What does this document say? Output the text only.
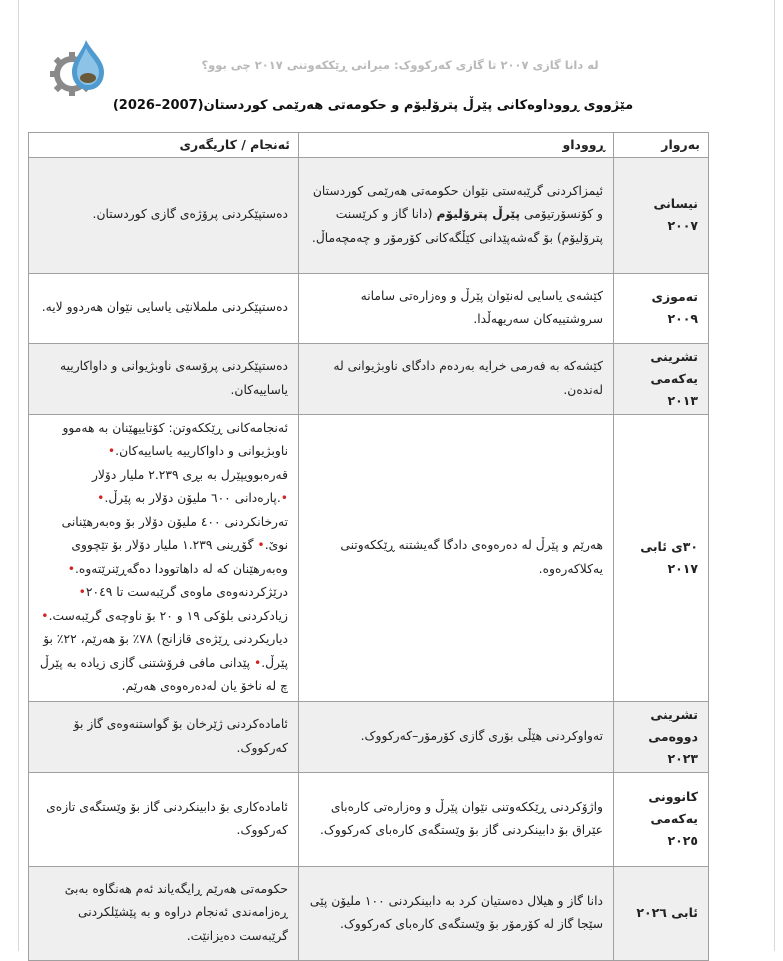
لە دانا گازی ٢٠٠٧ تا گازی کەرکووک: میراتی ڕێککەوتنی ٢٠١٧ چی بوو؟
مێژووی ڕووداوەکانی پێرڵ پترۆلیۆم و حکومەتی هەرێمی کوردستان(2007–2026)
بەروار	ڕووداو	ئەنجام / کاریگەری
نیسانی ٢٠٠٧	ئیمزاکردنی گرێبەستی نێوان حکومەتی هەرێمی کوردستان و کۆنسۆرتیۆمی پێرڵ پترۆلیۆم (دانا گاز و کرێسنت پترۆلیۆم) بۆ گەشەپێدانی کێڵگەکانی کۆرمۆر و چەمچەماڵ.	دەستپێکردنی پرۆژەی گازی کوردستان.
تەموزی ٢٠٠٩	کێشەی یاسایی لەنێوان پێرڵ و وەزارەتی سامانە سروشتییەکان سەریهەڵدا.	دەستپێکردنی ململانێی یاسایی نێوان هەردوو لایە.
تشرینی یەکەمی ٢٠١٣	کێشەکە بە فەرمی خرایە بەردەم دادگای ناوبژیوانی لە لەندەن.	دەستپێکردنی پرۆسەی ناوبژیوانی و داواکارییە یاساییەکان.
٣٠ی ئابی ٢٠١٧	هەرێم و پێرڵ لە دەرەوەی دادگا گەیشتنە ڕێککەوتنی یەکلاکەرەوە.	ئەنجامەکانی ڕێککەوتن: کۆتاییهێنان بە هەموو ناوبژیوانی و داواکارییە یاساییەکان.• قەرەبوویپێرل بە بڕی ٢.٢٣٩ ملیار دۆلار •.پارەدانی ٦٠٠ ملیۆن دۆلار بە پێرڵ.• تەرخانکردنی ٤٠٠ ملیۆن دۆلار بۆ وەبەرهێنانی نوێ.• گۆڕینی ١.٢٣٩ ملیار دۆلار بۆ تێچووی وەبەرهێنان کە لە داهاتوودا دەگەڕێنرێتەوە.• درێژکردنەوەی ماوەی گرێبەست تا ٢٠٤٩• زیادکردنی بلۆکی ١٩ و ٢٠ بۆ ناوچەی گرێبەست.• دیاریکردنی ڕێژەی قازانج) ٧٨٪ بۆ هەرێم، ٢٢٪ بۆ پێرڵ.• پێدانی مافی فرۆشتنی گازی زیادە بە پێرڵ چ لە ناخۆ یان لەدەرەوەی هەرێم.
تشرینی دووەمی ٢٠٢٣	تەواوکردنی هێڵی بۆری گازی کۆرمۆر–کەرکووک.	ئامادەکردنی ژێرخان بۆ گواستنەوەی گاز بۆ کەرکووک.
کانوونی یەکەمی ٢٠٢٥	واژۆکردنی ڕێککەوتنی نێوان پێرڵ و وەزارەتی کارەبای عێراق بۆ دابینکردنی گاز بۆ وێستگەی کارەبای کەرکووک.	ئامادەکاری بۆ دابینکردنی گاز بۆ وێستگەی تازەی کەرکووک.
ئابی ٢٠٢٦	دانا گاز و هیلال دەستیان کرد بە دابینکردنی ١٠٠ ملیۆن پێی سێجا گاز لە کۆرمۆر بۆ وێستگەی کارەبای کەرکووک.	حکومەتی هەرێم ڕایگەیاند ئەم هەنگاوە بەبێ ڕەزامەندی ئەنجام دراوە و بە پێشێلکردنی گرێبەست دەیزانێت.
